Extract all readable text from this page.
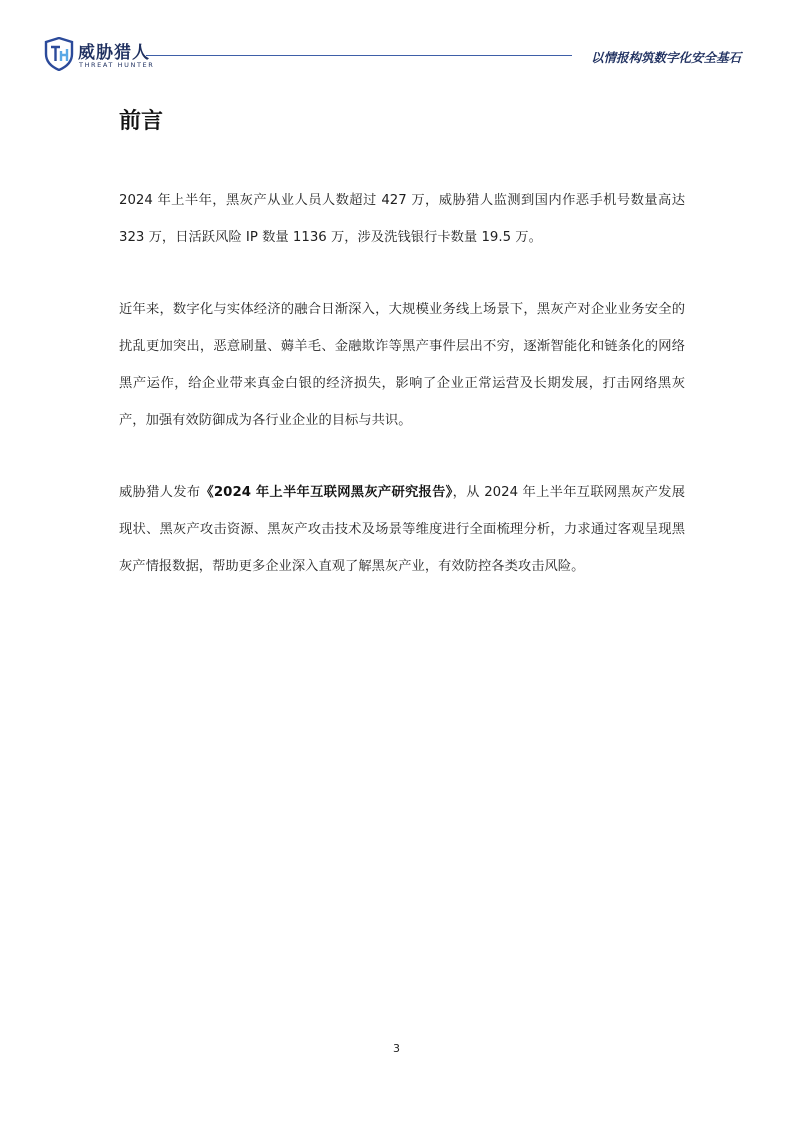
威胁猎人
THREAT HUNTER	以情报构筑数字化安全基石
前言

2024 年上半年，黑灰产从业人员人数超过 427 万，威胁猎人监测到国内作恶手机号数量高达 323 万，日活跃风险 IP 数量 1136 万，涉及洗钱银行卡数量 19.5 万。

近年来，数字化与实体经济的融合日渐深入，大规模业务线上场景下，黑灰产对企业业务安全的扰乱更加突出，恶意刷量、薅羊毛、金融欺诈等黑产事件层出不穷，逐渐智能化和链条化的网络黑产运作，给企业带来真金白银的经济损失，影响了企业正常运营及长期发展，打击网络黑灰产，加强有效防御成为各行业企业的目标与共识。

威胁猎人发布《2024 年上半年互联网黑灰产研究报告》，从 2024 年上半年互联网黑灰产发展现状、黑灰产攻击资源、黑灰产攻击技术及场景等维度进行全面梳理分析，力求通过客观呈现黑灰产情报数据，帮助更多企业深入直观了解黑灰产业，有效防控各类攻击风险。

3
